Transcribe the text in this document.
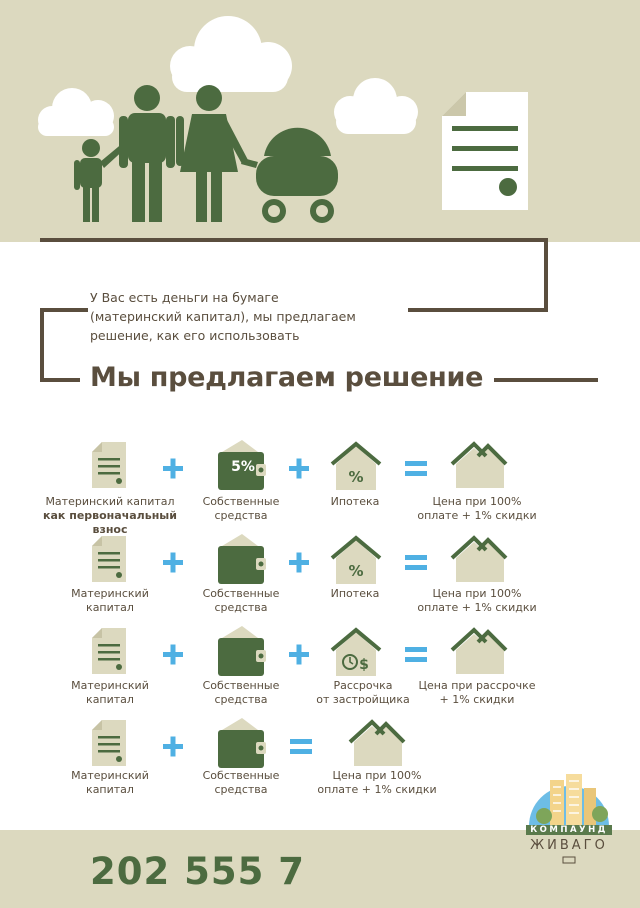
У Вас есть деньги на бумаге
(материнский капитал), мы предлагаем
решение, как его использовать
Мы предлагаем решение
%
5%
Материнский капитал
как первоначальный взнос
Собственные
средства
Ипотека	Цена при 100%
оплате + 1% скидки
%
Материнский
капитал
Собственные
средства
Ипотека	Цена при 100%
оплате + 1% скидки
$
Материнский
капитал
Собственные
средства
Рассрочка
от застройщика
Цена при рассрочке
+ 1% скидки
Материнский
капитал
Собственные
средства
Цена при 100%
оплате + 1% скидки
КОМПАУНД
ЖИВАГО
202 555 7
